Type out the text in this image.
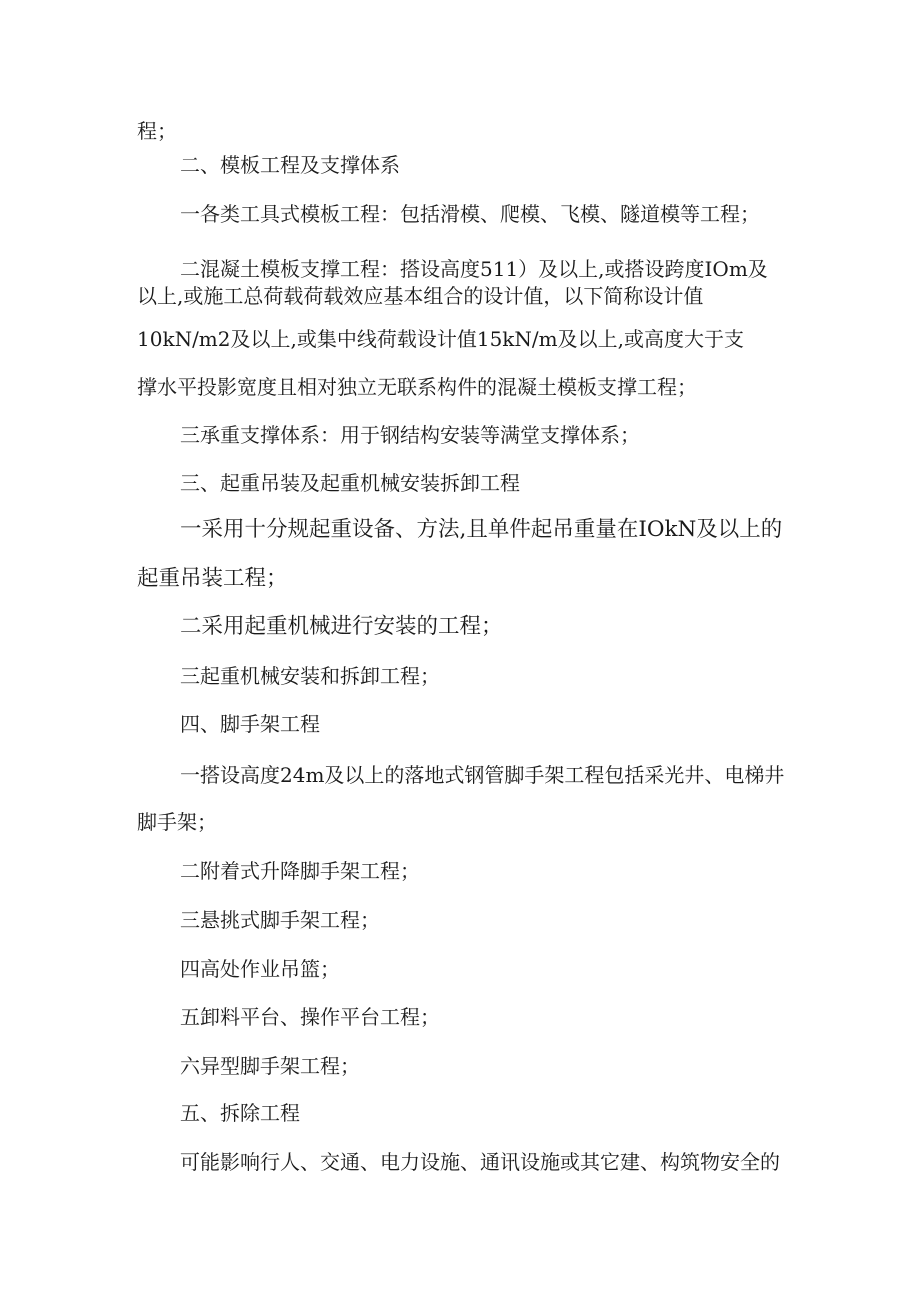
程；
二、模板工程及支撑体系
一各类工具式模板工程：包括滑模、爬模、飞模、隧道模等工程；
二混凝土模板支撑工程：搭设高度511）及以上,或搭设跨度IOm及
以上,或施工总荷载荷载效应基本组合的设计值，以下简称设计值
10kN∕m2及以上,或集中线荷载设计值15kN∕m及以上,或高度大于支
撑水平投影宽度且相对独立无联系构件的混凝土模板支撑工程；
三承重支撑体系：用于钢结构安装等满堂支撑体系；
三、起重吊装及起重机械安装拆卸工程
一采用十分规起重设备、方法,且单件起吊重量在IOkN及以上的
起重吊装工程；
二采用起重机械进行安装的工程；
三起重机械安装和拆卸工程；
四、脚手架工程
一搭设高度24m及以上的落地式钢管脚手架工程包括采光井、电梯井
脚手架；
二附着式升降脚手架工程；
三悬挑式脚手架工程；
四高处作业吊篮；
五卸料平台、操作平台工程；
六异型脚手架工程；
五、拆除工程
可能影响行人、交通、电力设施、通讯设施或其它建、构筑物安全的
